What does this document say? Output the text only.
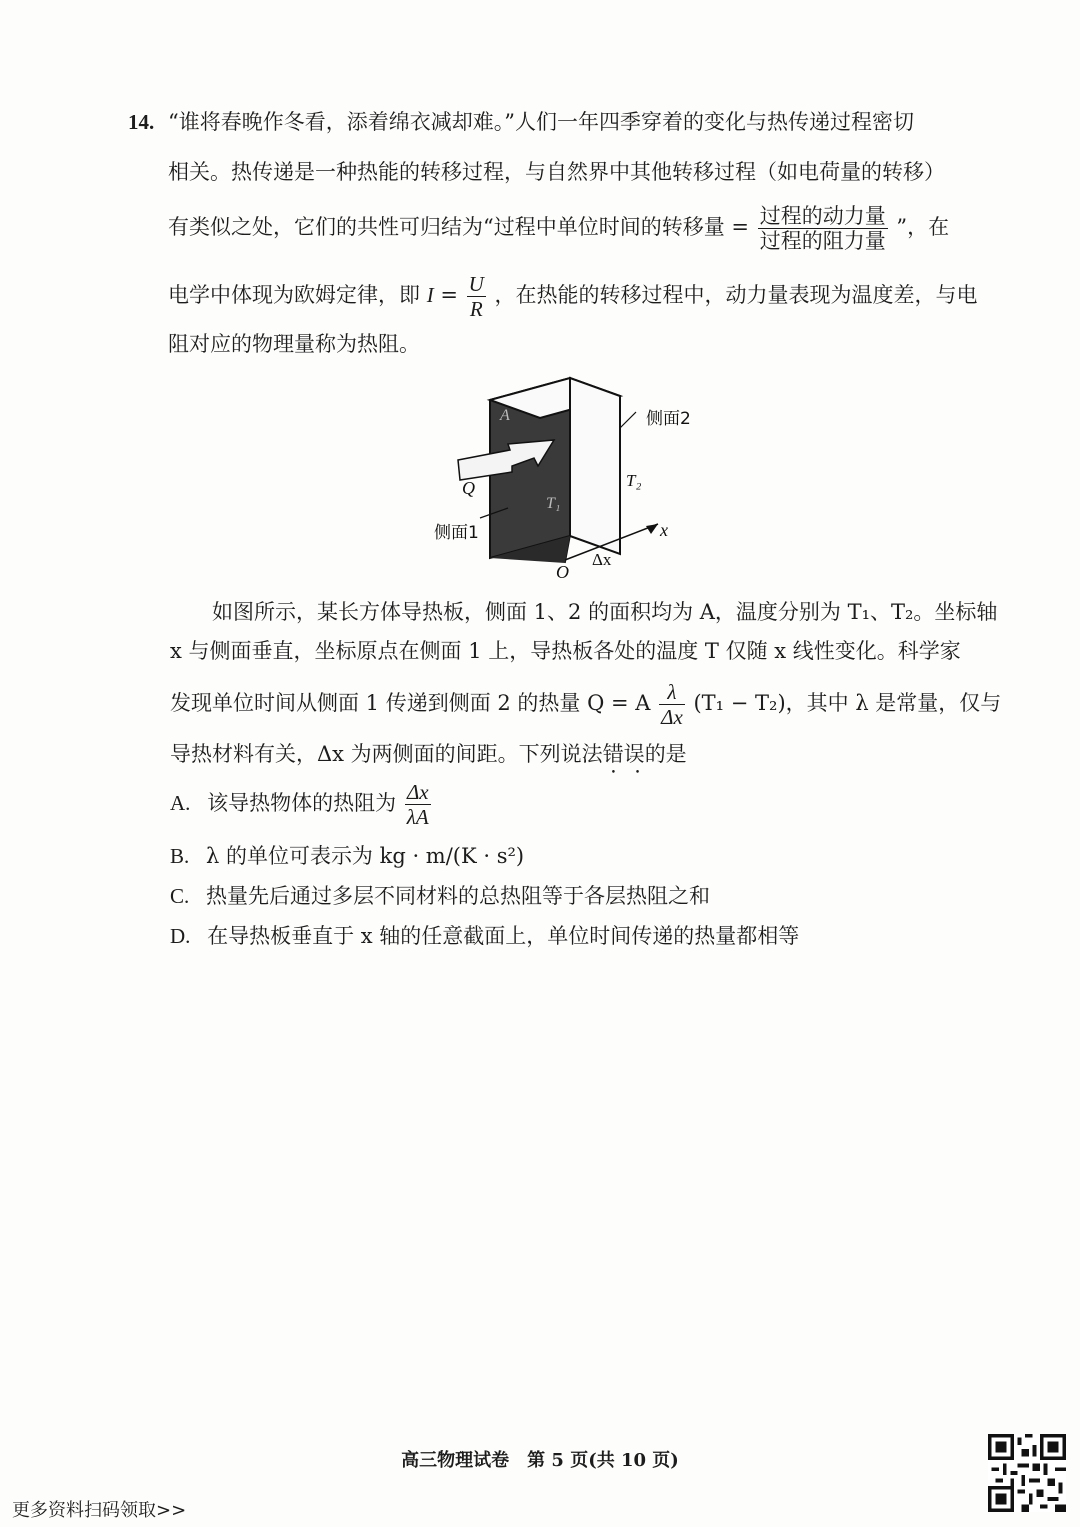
14. “谁将春晚作冬看，添着绵衣减却难。”人们一年四季穿着的变化与热传递过程密切
相关。热传递是一种热能的转移过程，与自然界中其他转移过程（如电荷量的转移）
有类似之处，它们的共性可归结为“过程中单位时间的转移量 = $\frac{\text{过程的动力量}}{\text{过程的阻力量}}$ ”，在
电学中体现为欧姆定律，即 $I = \frac{U}{R}$ ，在热能的转移过程中，动力量表现为温度差，与电
阻对应的物理量称为热阻。
侧面2
侧面1
A
Q
T₁
T₂
x
O
Δx
如图所示，某长方体导热板，侧面 1、2 的面积均为 A，温度分别为 T₁、T₂。坐标轴
x 与侧面垂直，坐标原点在侧面 1 上，导热板各处的温度 T 仅随 x 线性变化。科学家
发现单位时间从侧面 1 传递到侧面 2 的热量 Q = A $\frac{\lambda}{\Delta x} (T_1 - T_2)$，其中 λ 是常量，仅与
导热材料有关，Δx 为两侧面的间距。下列说法错误 • •的是
A. 该导热物体的热阻为 $\frac{\Delta x}{\lambda A}$
B. λ 的单位可表示为 kg · m/(K · s²)
C. 热量先后通过多层不同材料的总热阻等于各层热阻之和
D. 在导热板垂直于 x 轴的任意截面上，单位时间传递的热量都相等
高三物理试卷　第 5 页(共 10 页)
更多资料扫码领取>>
